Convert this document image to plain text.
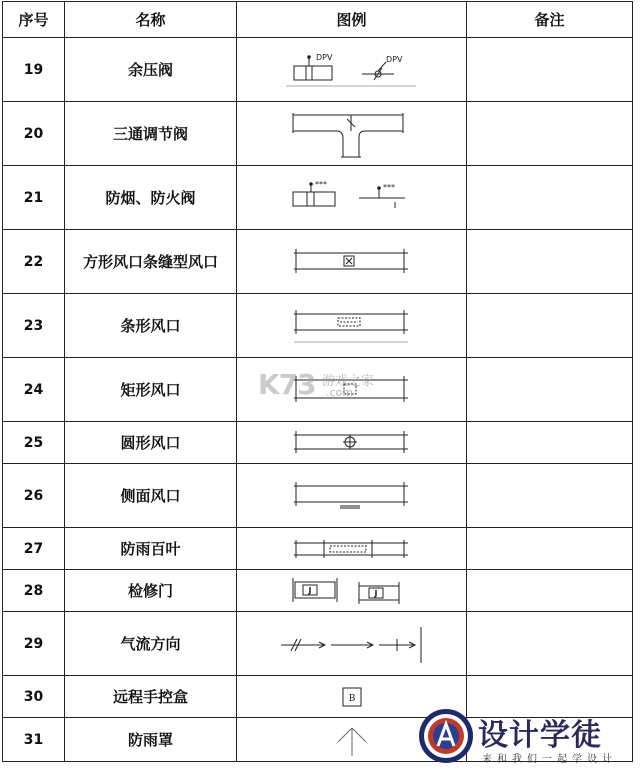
序号	名称	图例	备注
19	余压阀	DPV DPV	

20	三通调节阀	

21	防烟、防火阀	*** ***	

22	方形风口条缝型风口	

23	条形风口	

24	矩形风口	

25	圆形风口	

26	侧面风口	

27	防雨百叶	

28	检修门	J J	

29	气流方向	

30	远程手控盒	B	

31	防雨罩	

K73 游戏之家
.com
设计学徒
来和我们一起学设计
